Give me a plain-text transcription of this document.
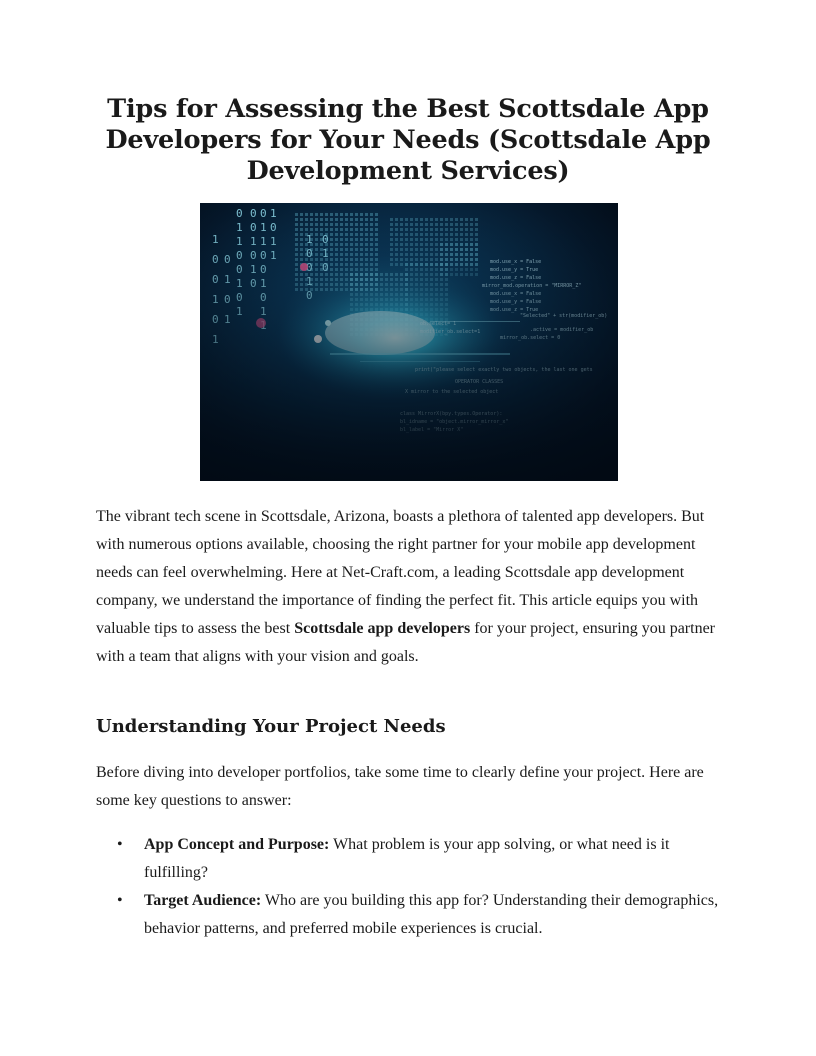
Tips for Assessing the Best Scottsdale App Developers for Your Needs (Scottsdale App Development Services)

The vibrant tech scene in Scottsdale, Arizona, boasts a plethora of talented app developers. But with numerous options available, choosing the right partner for your mobile app development needs can feel overwhelming. Here at Net-Craft.com, a leading Scottsdale app development company, we understand the importance of finding the perfect fit. This article equips you with valuable tips to assess the best Scottsdale app developers for your project, ensuring you partner with a team that aligns with your vision and goals.

Understanding Your Project Needs

Before diving into developer portfolios, take some time to clearly define your project. Here are some key questions to answer:

• App Concept and Purpose: What problem is your app solving, or what need is it fulfilling?
• Target Audience: Who are you building this app for? Understanding their demographics, behavior patterns, and preferred mobile experiences is crucial.
